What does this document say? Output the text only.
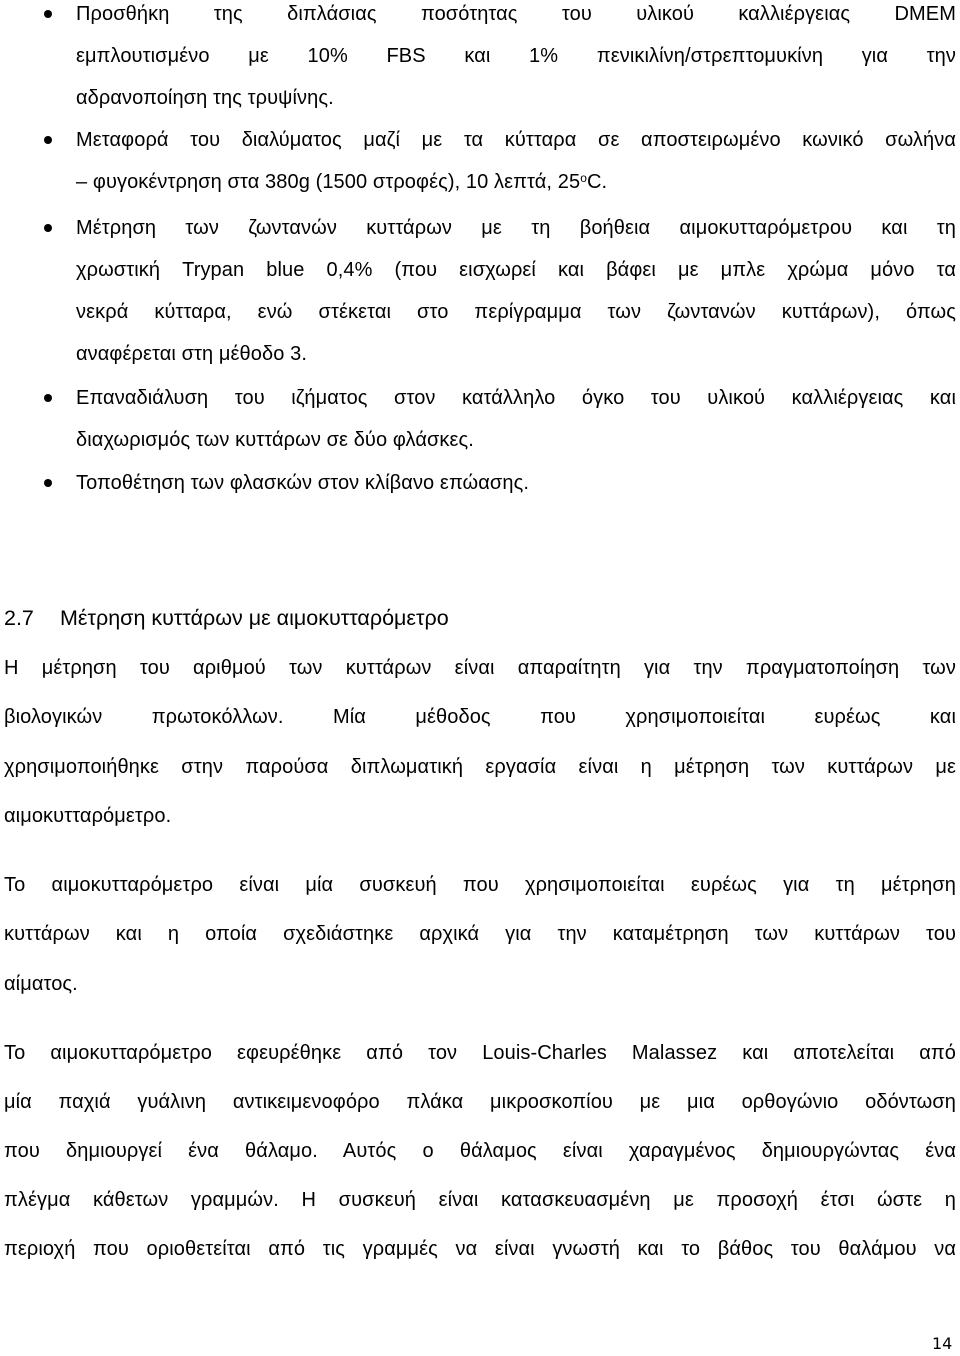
Προσθήκη της διπλάσιας ποσότητας του υλικού καλλιέργειας DMEM
εμπλουτισμένο με 10% FBS και 1% πενικιλίνη/στρεπτομυκίνη για την
αδρανοποίηση της τρυψίνης.
Μεταφορά του διαλύματος μαζί με τα κύτταρα σε αποστειρωμένο κωνικό σωλήνα
– φυγοκέντρηση στα 380g (1500 στροφές), 10 λεπτά, 25$^o$C.
Μέτρηση των ζωντανών κυττάρων με τη βοήθεια αιμοκυτταρόμετρου και τη
χρωστική Trypan blue 0,4% (που εισχωρεί και βάφει με μπλε χρώμα μόνο τα
νεκρά κύτταρα, ενώ στέκεται στο περίγραμμα των ζωντανών κυττάρων), όπως
αναφέρεται στη μέθοδο 3.
Επαναδιάλυση του ιζήματος στον κατάλληλο όγκο του υλικού καλλιέργειας και
διαχωρισμός των κυττάρων σε δύο φλάσκες.
Τοποθέτηση των φλασκών στον κλίβανο επώασης.
2.7 Μέτρηση κυττάρων με αιμοκυτταρόμετρο
Η μέτρηση του αριθμού των κυττάρων είναι απαραίτητη για την πραγματοποίηση των
βιολογικών πρωτοκόλλων. Μία μέθοδος που χρησιμοποιείται ευρέως και
χρησιμοποιήθηκε στην παρούσα διπλωματική εργασία είναι η μέτρηση των κυττάρων με
αιμοκυτταρόμετρο.
Το αιμοκυτταρόμετρο είναι μία συσκευή που χρησιμοποιείται ευρέως για τη μέτρηση
κυττάρων και η οποία σχεδιάστηκε αρχικά για την καταμέτρηση των κυττάρων του
αίματος.
Το αιμοκυτταρόμετρο εφευρέθηκε από τον Louis-Charles Malassez και αποτελείται από
μία παχιά γυάλινη αντικειμενοφόρο πλάκα μικροσκοπίου με μια ορθογώνιο οδόντωση
που δημιουργεί ένα θάλαμο. Αυτός ο θάλαμος είναι χαραγμένος δημιουργώντας ένα
πλέγμα κάθετων γραμμών. Η συσκευή είναι κατασκευασμένη με προσοχή έτσι ώστε η
περιοχή που οριοθετείται από τις γραμμές να είναι γνωστή και το βάθος του θαλάμου να
14
